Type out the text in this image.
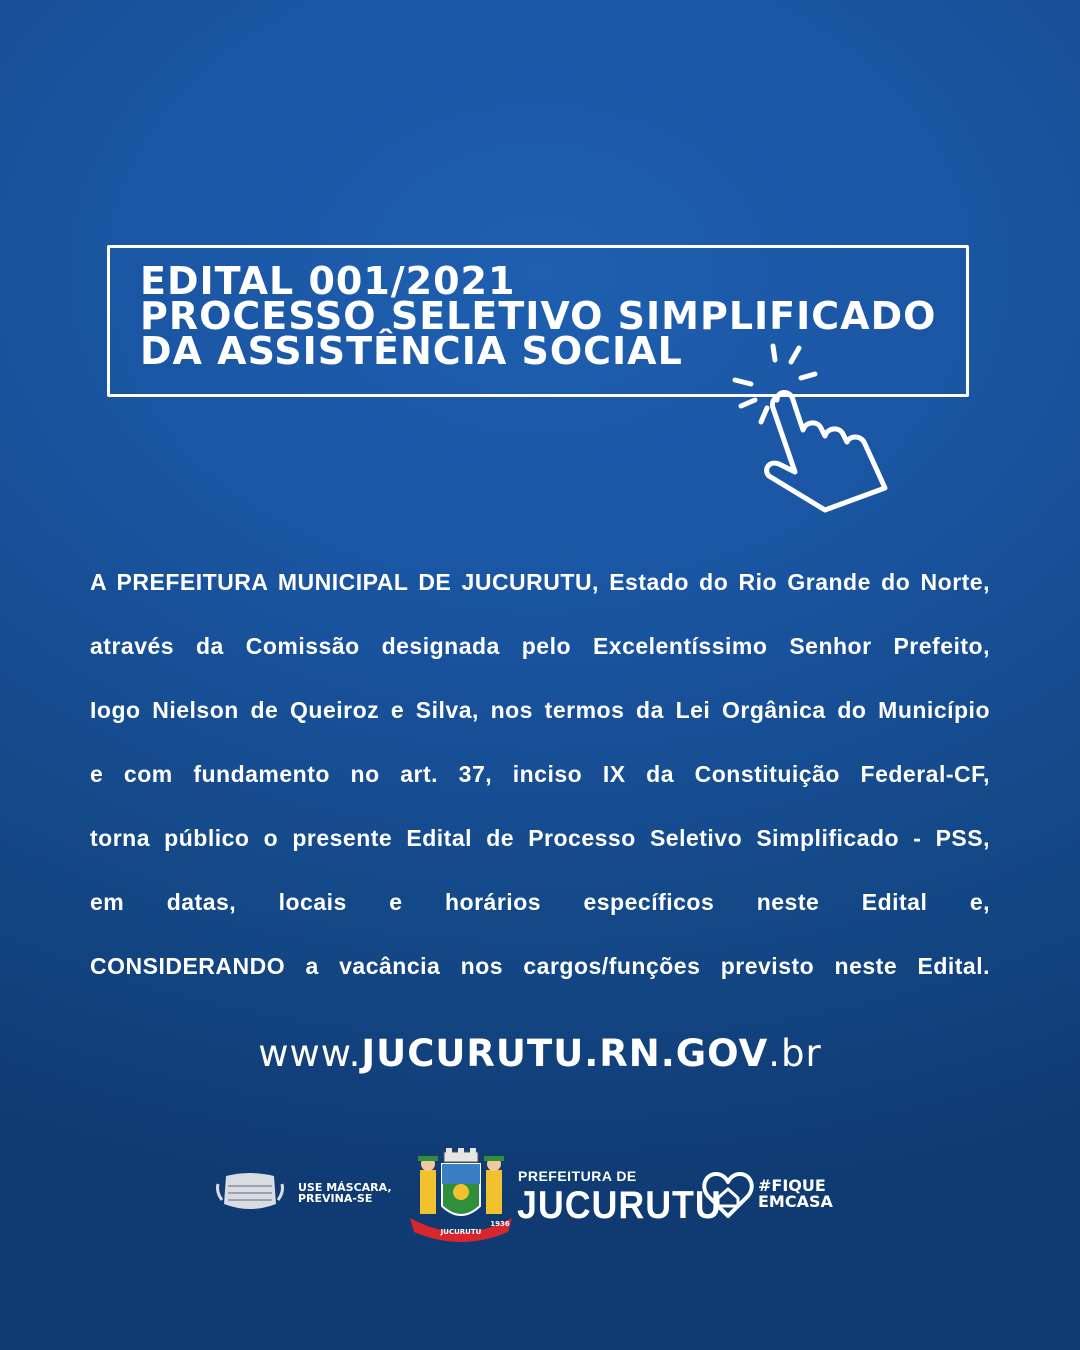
EDITAL 001/2021
PROCESSO SELETIVO SIMPLIFICADO
DA ASSISTÊNCIA SOCIAL
A PREFEITURA MUNICIPAL DE JUCURUTU, Estado do Rio Grande do Norte,
através da Comissão designada pelo Excelentíssimo Senhor Prefeito,
Iogo Nielson de Queiroz e Silva, nos termos da Lei Orgânica do Município
e com fundamento no art. 37, inciso IX da Constituição Federal-CF,
torna público o presente Edital de Processo Seletivo Simplificado - PSS,
em datas, locais e horários específicos neste Edital e,
CONSIDERANDO a vacância nos cargos/funções previsto neste Edital.
www.JUCURUTU.RN.GOV.br
USE MÁSCARA,
PREVINA-SE
JUCURUTU
1936
PREFEITURA DE
JUCURUTU #FIQUE
EMCASA
